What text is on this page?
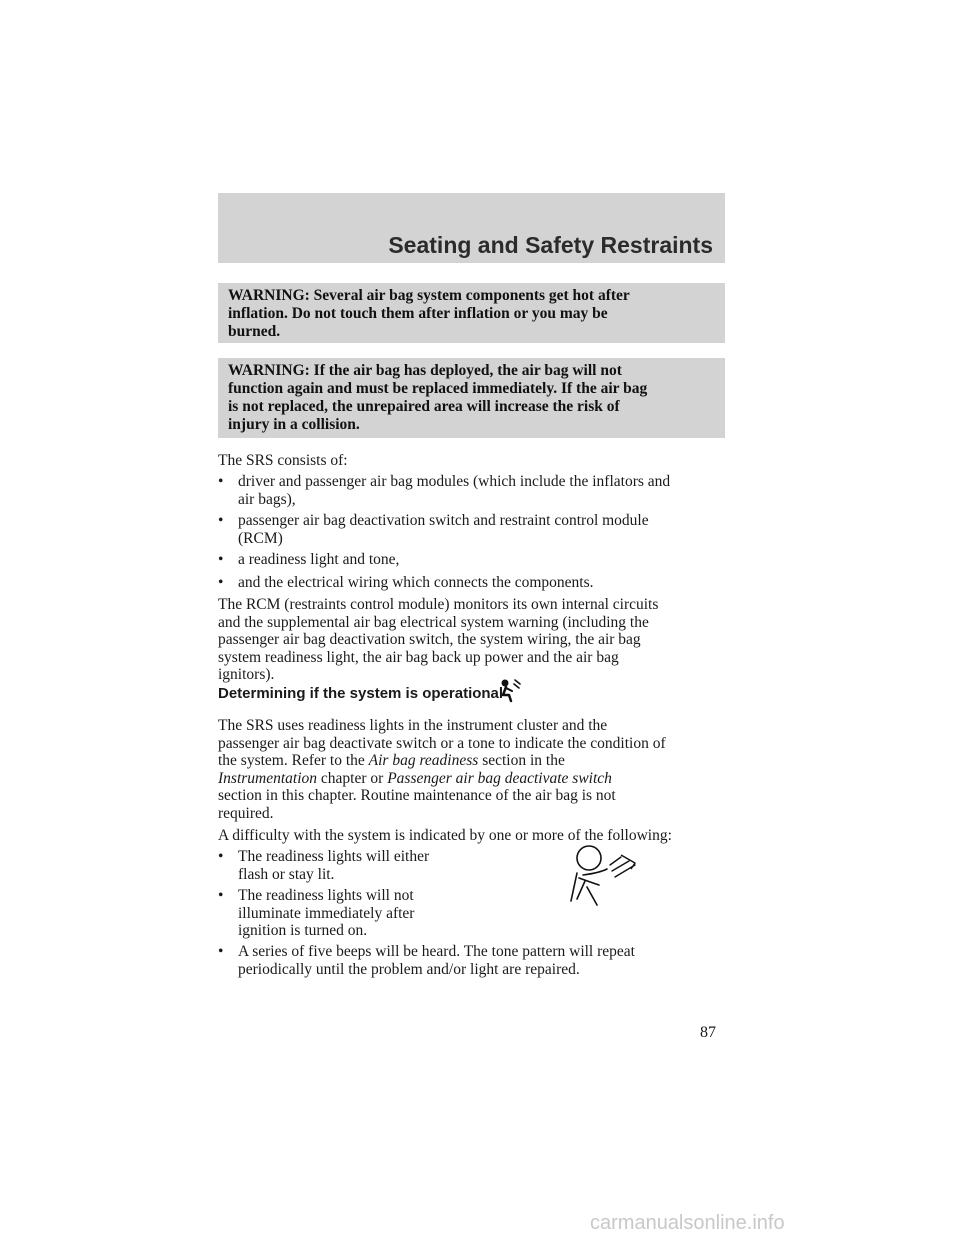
Seating and Safety Restraints
WARNING: Several air bag system components get hot after
inflation. Do not touch them after inflation or you may be
burned.
WARNING: If the air bag has deployed, the air bag will not
function again and must be replaced immediately. If the air bag
is not replaced, the unrepaired area will increase the risk of
injury in a collision.
The SRS consists of:
• driver and passenger air bag modules (which include the inflators and
air bags),
• passenger air bag deactivation switch and restraint control module
(RCM)
• a readiness light and tone,
• and the electrical wiring which connects the components.
The RCM (restraints control module) monitors its own internal circuits
and the supplemental air bag electrical system warning (including the
passenger air bag deactivation switch, the system wiring, the air bag
system readiness light, the air bag back up power and the air bag
ignitors).
Determining if the system is operational
The SRS uses readiness lights in the instrument cluster and the
passenger air bag deactivate switch or a tone to indicate the condition of
the system. Refer to the Air bag readiness section in the
Instrumentation chapter or Passenger air bag deactivate switch
section in this chapter. Routine maintenance of the air bag is not
required.
A difficulty with the system is indicated by one or more of the following:
• The readiness lights will either
flash or stay lit.
• The readiness lights will not
illuminate immediately after
ignition is turned on.
• A series of five beeps will be heard. The tone pattern will repeat
periodically until the problem and/or light are repaired.
87
carmanualsonline.info
